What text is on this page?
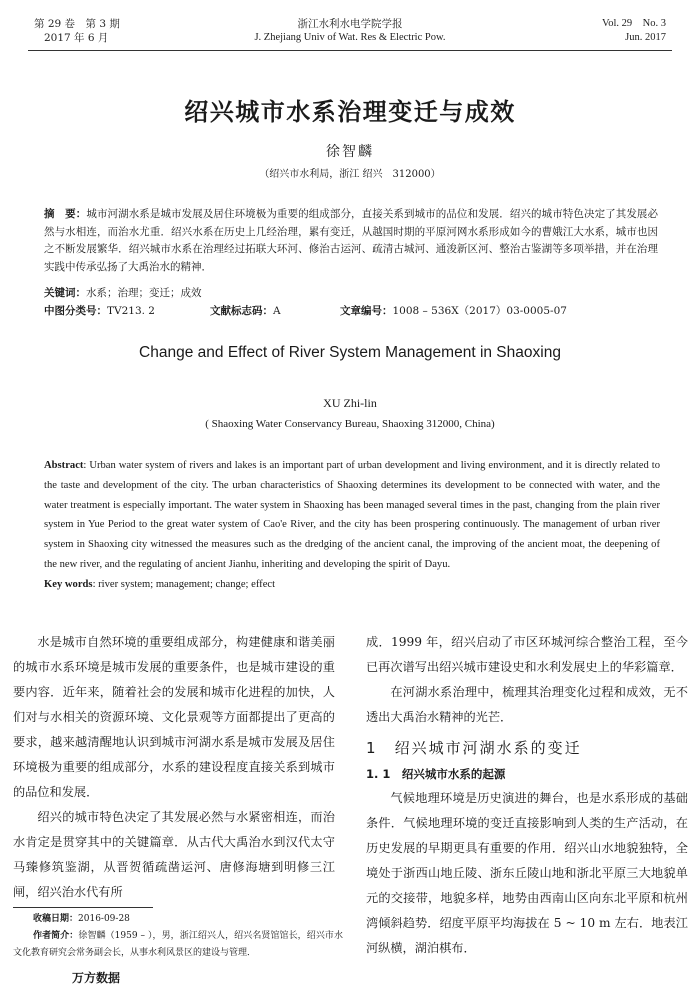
第 29 卷　第 3 期
2017 年 6 月
浙江水利水电学院学报
J. Zhejiang Univ of Wat. Res & Electric Pow.
Vol. 29　No. 3
Jun. 2017
绍兴城市水系治理变迁与成效
徐智麟
（绍兴市水利局，浙江 绍兴　312000）
摘　要：城市河湖水系是城市发展及居住环境极为重要的组成部分，直接关系到城市的品位和发展．绍兴的城市特色决定了其发展必然与水相连，而治水尤重．绍兴水系在历史上几经治理，累有变迁，从越国时期的平原河网水系形成如今的曹娥江大水系，城市也因之不断发展繁华．绍兴城市水系在治理经过拓联大环河、修治古运河、疏清古城河、通浚新区河、整治古鉴湖等多项举措，并在治理实践中传承弘扬了大禹治水的精神．
关键词：水系；治理；变迁；成效
中图分类号：TV213. 2	文献标志码：A	文章编号：1008 – 536X（2017）03-0005-07
Change and Effect of River System Management in Shaoxing
XU Zhi-lin
( Shaoxing Water Conservancy Bureau, Shaoxing 312000, China)
Abstract: Urban water system of rivers and lakes is an important part of urban development and living environment, and it is directly related to the taste and development of the city. The urban characteristics of Shaoxing determines its development to be connected with water, and the water treatment is especially important. The water system in Shaoxing has been managed several times in the past, changing from the plain river system in Yue Period to the great water system of Cao'e River, and the city has been prospering continuously. The management of urban river system in Shaoxing city witnessed the measures such as the dredging of the ancient canal, the improving of the ancient moat, the deepening of the new river, and the regulating of ancient Jianhu, inheriting and developing the spirit of Dayu.
Key words: river system; management; change; effect

水是城市自然环境的重要组成部分，构建健康和谐美丽的城市水系环境是城市发展的重要条件，也是城市建设的重要内容．近年来，随着社会的发展和城市化进程的加快，人们对与水相关的资源环境、文化景观等方面都提出了更高的要求，越来越清醒地认识到城市河湖水系是城市发展及居住环境极为重要的组成部分，水系的建设程度直接关系到城市的品位和发展．

绍兴的城市特色决定了其发展必然与水紧密相连，而治水肯定是贯穿其中的关键篇章．从古代大禹治水到汉代太守马臻修筑鉴湖，从晋贺循疏凿运河、唐修海塘到明修三江闸，绍兴治水代有所

收稿日期：2016-09-28
作者简介：徐智麟（1959 – ），男，浙江绍兴人，绍兴名贤馆馆长，绍兴市水文化教育研究会常务副会长，从事水利风景区的建设与管理．
万方数据

成．1999 年，绍兴启动了市区环城河综合整治工程，至今已再次谱写出绍兴城市建设史和水利发展史上的华彩篇章．

在河湖水系治理中，梳理其治理变化过程和成效，无不透出大禹治水精神的光芒．

1　 绍兴城市河湖水系的变迁
1. 1　 绍兴城市水系的起源

气候地理环境是历史演进的舞台，也是水系形成的基础条件．气候地理环境的变迁直接影响到人类的生产活动，在历史发展的早期更具有重要的作用．绍兴山水地貌独特，全境处于浙西山地丘陵、浙东丘陵山地和浙北平原三大地貌单元的交接带，地貌多样，地势由西南山区向东北平原和杭州湾倾斜趋势．绍度平原平均海拔在 5 ~ 10 m 左右．地表江河纵横，湖泊棋布．
